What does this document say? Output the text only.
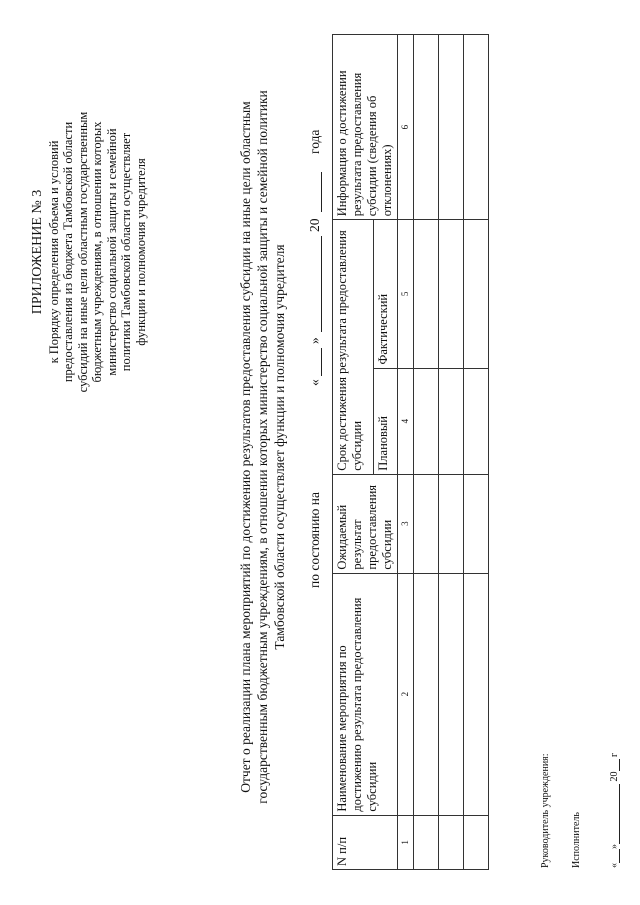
ПРИЛОЖЕНИЕ № 3 к Порядку определения объема и условий предоставления из бюджета Тамбовской области субсидий на иные цели областным государственным бюджетным учреждениям, в отношении которых министерство социальной защиты и семейной политики Тамбовской области осуществляет функции и полномочия учредителя	Отчет о реализации плана мероприятий по достижению результатов предоставления субсидии на иные цели областным государственным бюджетным учреждениям, в отношении которых министерство социальной защиты и семейной политики Тамбовской области осуществляет функции и полномочия учредителя по состоянию на
«
»
20
года
N п/п	Наименование мероприятия по достижению результата предоставления субсидии	Ожидаемый результат предоставления субсидии	Срок достижения результата предоставления субсидии		Информация о достижении результата предоставления субсидии (сведения об отклонениях)
			Плановый	Фактический	
1	2	3	4	5	6

Руководитель учреждения: Исполнитель	«» 20 г
